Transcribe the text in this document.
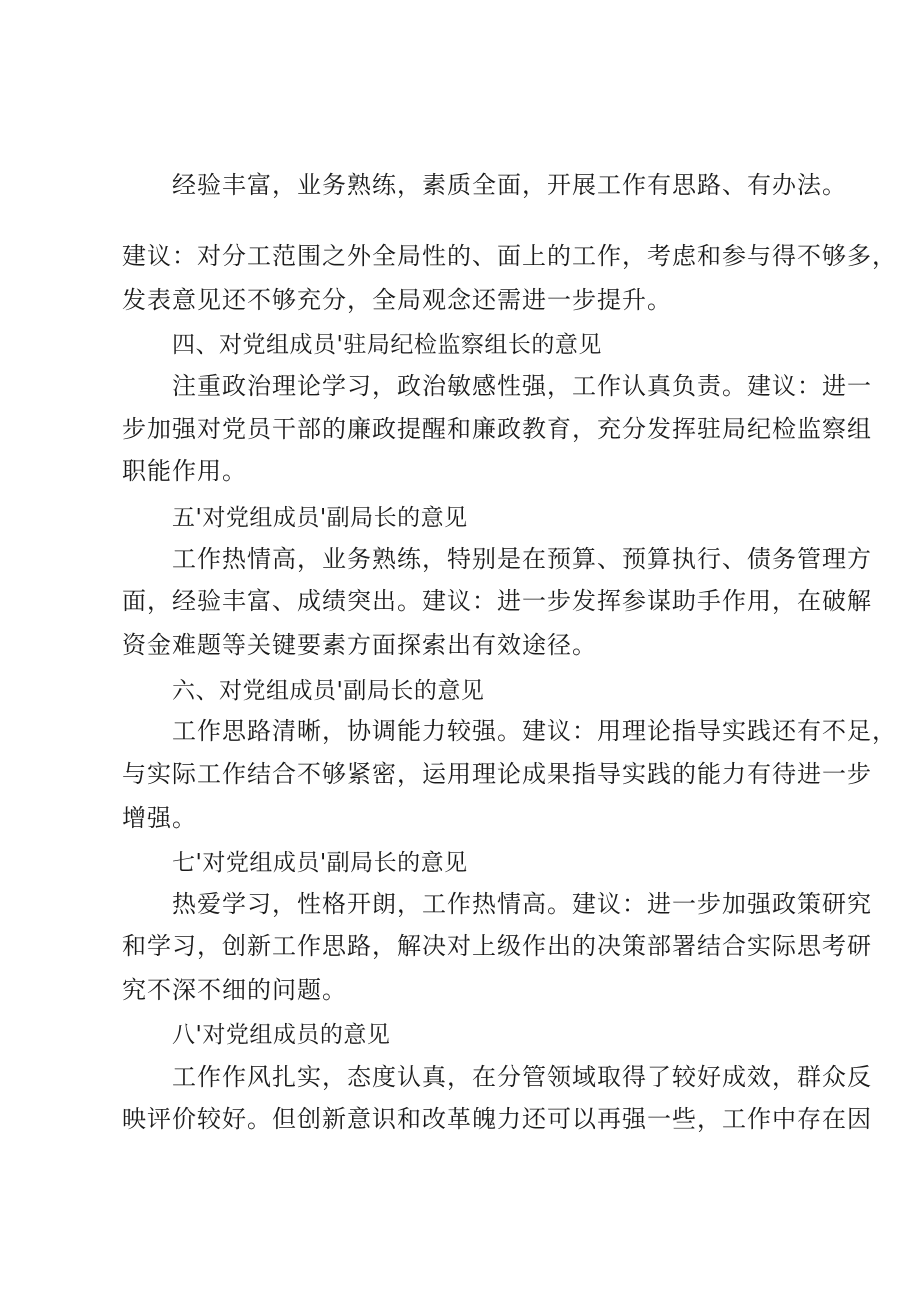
经验丰富，业务熟练，素质全面，开展工作有思路、有办法。
建议：对分工范围之外全局性的、面上的工作，考虑和参与得不够多，
发表意见还不够充分，全局观念还需进一步提升。
四、对党组成员'驻局纪检监察组长的意见
注重政治理论学习，政治敏感性强，工作认真负责。建议：进一
步加强对党员干部的廉政提醒和廉政教育，充分发挥驻局纪检监察组
职能作用。
五'对党组成员'副局长的意见
工作热情高，业务熟练，特别是在预算、预算执行、债务管理方
面，经验丰富、成绩突出。建议：进一步发挥参谋助手作用，在破解
资金难题等关键要素方面探索出有效途径。
六、对党组成员'副局长的意见
工作思路清晰，协调能力较强。建议：用理论指导实践还有不足，
与实际工作结合不够紧密，运用理论成果指导实践的能力有待进一步
增强。
七'对党组成员'副局长的意见
热爱学习，性格开朗，工作热情高。建议：进一步加强政策研究
和学习，创新工作思路，解决对上级作出的决策部署结合实际思考研
究不深不细的问题。
八'对党组成员的意见
工作作风扎实，态度认真，在分管领域取得了较好成效，群众反
映评价较好。但创新意识和改革魄力还可以再强一些，工作中存在因
